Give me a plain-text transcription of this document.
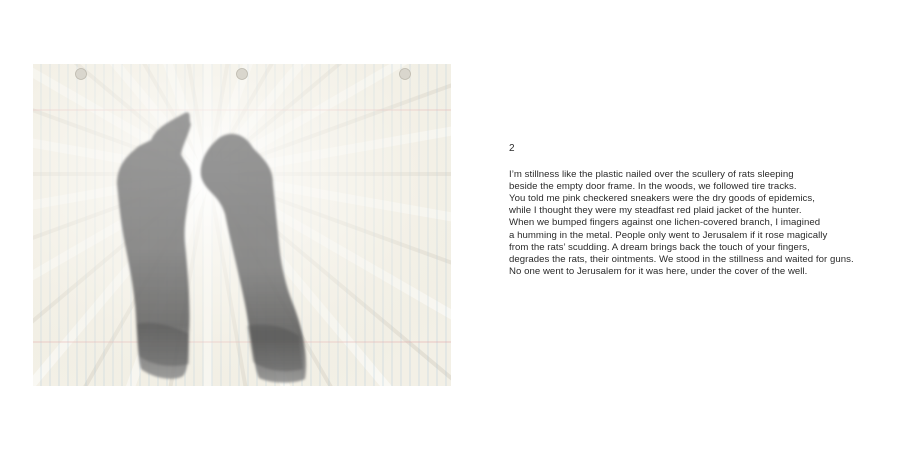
2
I’m stillness like the plastic nailed over the scullery of rats sleeping
beside the empty door frame. In the woods, we followed tire tracks.
You told me pink checkered sneakers were the dry goods of epidemics,
while I thought they were my steadfast red plaid jacket of the hunter.
When we bumped fingers against one lichen-covered branch, I imagined
a humming in the metal. People only went to Jerusalem if it rose magically
from the rats’ scudding. A dream brings back the touch of your fingers,
degrades the rats, their ointments. We stood in the stillness and waited for guns.
No one went to Jerusalem for it was here, under the cover of the well.
